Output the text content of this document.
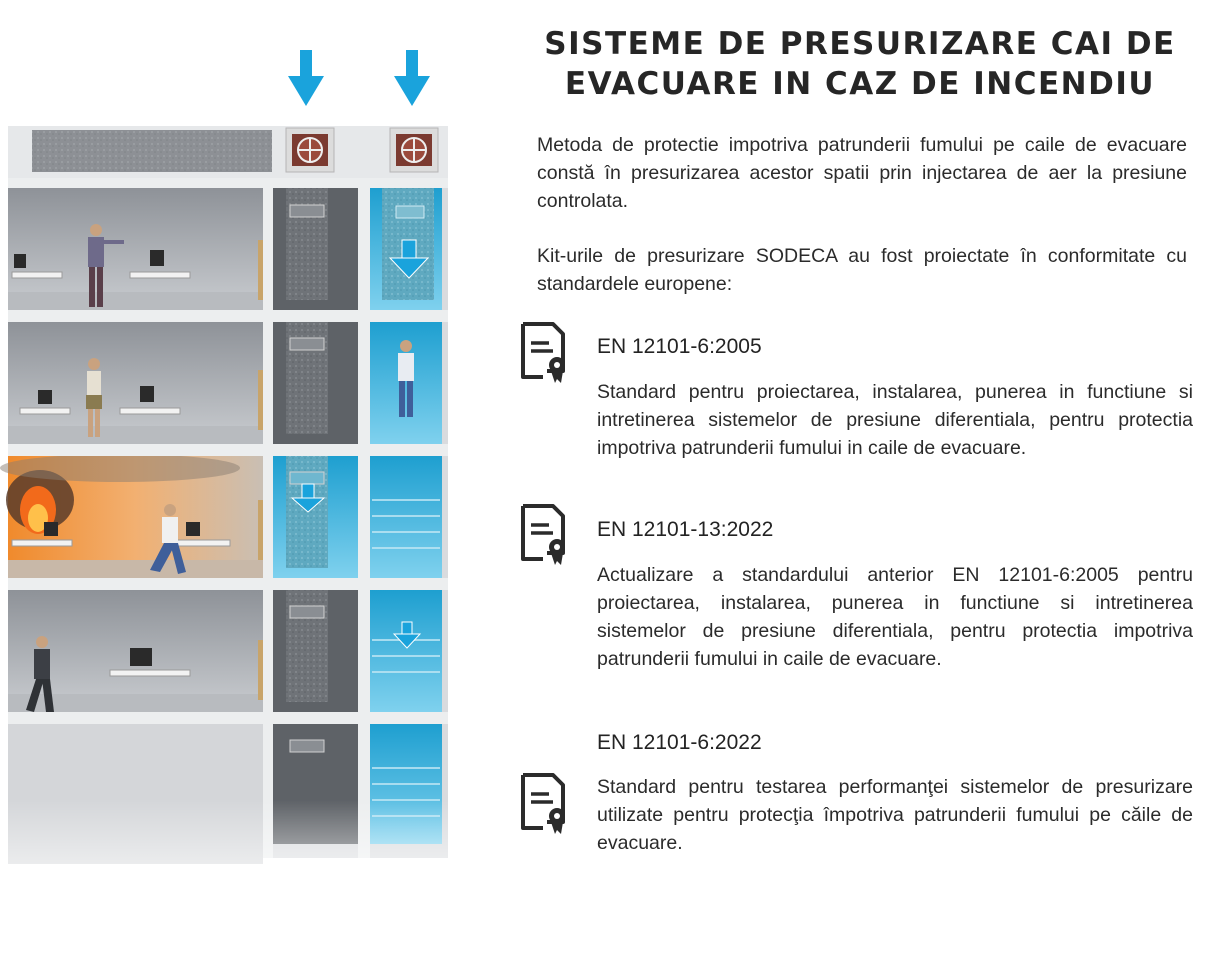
SISTEME DE PRESURIZARE CAI DE EVACUARE IN CAZ DE INCENDIU

Metoda de protectie impotriva patrunderii fumului pe caile de evacuare constă în presurizarea acestor spatii prin injectarea de aer la presiune controlata.

Kit-urile de presurizare SODECA au fost proiectate în conformitate cu standardele europene:

EN 12101-6:2005

Standard pentru proiectarea, instalarea, punerea in functiune si intretinerea sistemelor de presiune diferentiala, pentru protectia impotriva patrunderii fumului in caile de evacuare.

EN 12101-13:2022

Actualizare a standardului anterior EN 12101-6:2005 pentru proiectarea, instalarea, punerea in functiune si intretinerea sistemelor de presiune diferentiala, pentru protectia impotriva patrunderii fumului in caile de evacuare.

EN 12101-6:2022

Standard pentru testarea performanţei sistemelor de presurizare utilizate pentru protecţia împotriva patrunderii fumului pe căile de evacuare.
